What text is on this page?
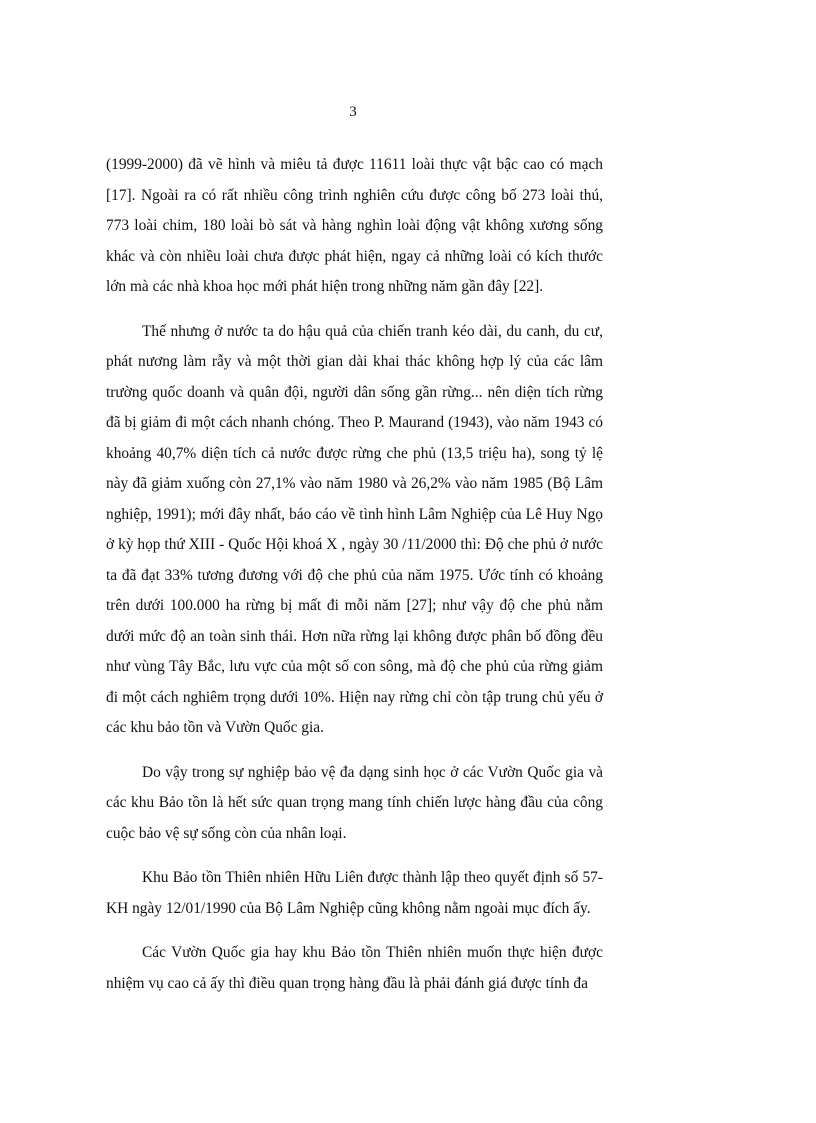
3

(1999-2000) đã vẽ hình và miêu tả được 11611 loài thực vật bậc cao có mạch [17]. Ngoài ra có rất nhiều công trình nghiên cứu được công bố 273 loài thú, 773 loài chim, 180 loài bò sát và hàng nghìn loài động vật không xương sống khác và còn nhiều loài chưa được phát hiện, ngay cả những loài có kích thước lớn mà các nhà khoa học mới phát hiện trong những năm gần đây [22].

Thế nhưng ở nước ta do hậu quả của chiến tranh kéo dài, du canh, du cư, phát nương làm rẫy và một thời gian dài khai thác không hợp lý của các lâm trường quốc doanh và quân đội, người dân sống gần rừng... nên diện tích rừng đã bị giảm đi một cách nhanh chóng. Theo P. Maurand (1943), vào năm 1943 có khoảng 40,7% diện tích cả nước được rừng che phủ (13,5 triệu ha), song tỷ lệ này đã giảm xuống còn 27,1% vào năm 1980 và 26,2% vào năm 1985 (Bộ Lâm nghiệp, 1991); mới đây nhất, báo cáo về tình hình Lâm Nghiệp của Lê Huy Ngọ ở kỳ họp thứ XIII - Quốc Hội khoá X , ngày 30 /11/2000 thì: Độ che phủ ở nước ta đã đạt 33% tương đương với độ che phủ của năm 1975. Ước tính có khoảng trên dưới 100.000 ha rừng bị mất đi mỗi năm [27]; như vậy độ che phủ nằm dưới mức độ an toàn sinh thái. Hơn nữa rừng lại không được phân bố đồng đều như vùng Tây Bắc, lưu vực của một số con sông, mà độ che phủ của rừng giảm đi một cách nghiêm trọng dưới 10%. Hiện nay rừng chỉ còn tập trung chủ yếu ở các khu bảo tồn và Vườn Quốc gia.

Do vậy trong sự nghiệp bảo vệ đa dạng sinh học ở các Vườn Quốc gia và các khu Bảo tồn là hết sức quan trọng mang tính chiến lược hàng đầu của công cuộc bảo vệ sự sống còn của nhân loại.

Khu Bảo tồn Thiên nhiên Hữu Liên được thành lập theo quyết định số 57-KH ngày 12/01/1990 của Bộ Lâm Nghiệp cũng không nằm ngoài mục đích ấy.

Các Vườn Quốc gia hay khu Bảo tồn Thiên nhiên muốn thực hiện được nhiệm vụ cao cả ấy thì điều quan trọng hàng đầu là phải đánh giá được tính đa
